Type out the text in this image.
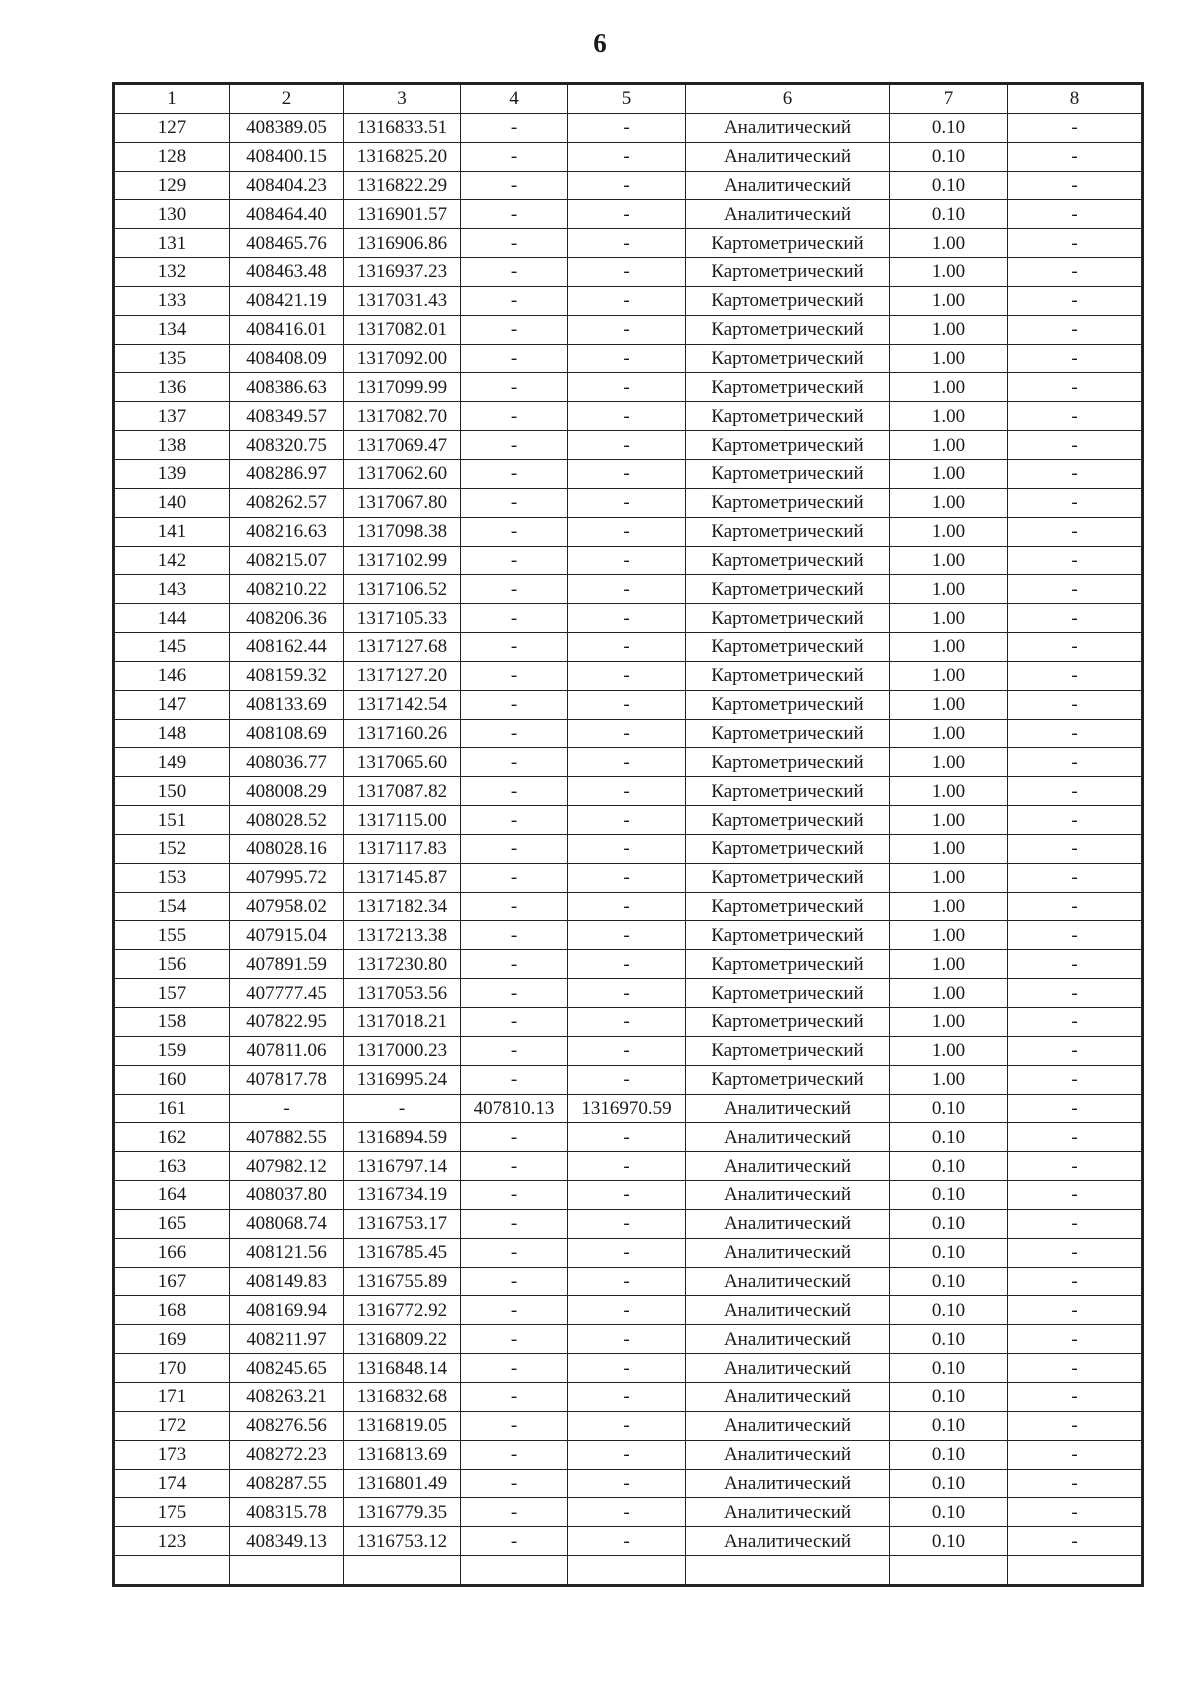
6
1	2	3	4	5	6	7	8
127	408389.05	1316833.51	-	-	Аналитический	0.10	-
128	408400.15	1316825.20	-	-	Аналитический	0.10	-
129	408404.23	1316822.29	-	-	Аналитический	0.10	-
130	408464.40	1316901.57	-	-	Аналитический	0.10	-
131	408465.76	1316906.86	-	-	Картометрический	1.00	-
132	408463.48	1316937.23	-	-	Картометрический	1.00	-
133	408421.19	1317031.43	-	-	Картометрический	1.00	-
134	408416.01	1317082.01	-	-	Картометрический	1.00	-
135	408408.09	1317092.00	-	-	Картометрический	1.00	-
136	408386.63	1317099.99	-	-	Картометрический	1.00	-
137	408349.57	1317082.70	-	-	Картометрический	1.00	-
138	408320.75	1317069.47	-	-	Картометрический	1.00	-
139	408286.97	1317062.60	-	-	Картометрический	1.00	-
140	408262.57	1317067.80	-	-	Картометрический	1.00	-
141	408216.63	1317098.38	-	-	Картометрический	1.00	-
142	408215.07	1317102.99	-	-	Картометрический	1.00	-
143	408210.22	1317106.52	-	-	Картометрический	1.00	-
144	408206.36	1317105.33	-	-	Картометрический	1.00	-
145	408162.44	1317127.68	-	-	Картометрический	1.00	-
146	408159.32	1317127.20	-	-	Картометрический	1.00	-
147	408133.69	1317142.54	-	-	Картометрический	1.00	-
148	408108.69	1317160.26	-	-	Картометрический	1.00	-
149	408036.77	1317065.60	-	-	Картометрический	1.00	-
150	408008.29	1317087.82	-	-	Картометрический	1.00	-
151	408028.52	1317115.00	-	-	Картометрический	1.00	-
152	408028.16	1317117.83	-	-	Картометрический	1.00	-
153	407995.72	1317145.87	-	-	Картометрический	1.00	-
154	407958.02	1317182.34	-	-	Картометрический	1.00	-
155	407915.04	1317213.38	-	-	Картометрический	1.00	-
156	407891.59	1317230.80	-	-	Картометрический	1.00	-
157	407777.45	1317053.56	-	-	Картометрический	1.00	-
158	407822.95	1317018.21	-	-	Картометрический	1.00	-
159	407811.06	1317000.23	-	-	Картометрический	1.00	-
160	407817.78	1316995.24	-	-	Картометрический	1.00	-
161	-	-	407810.13	1316970.59	Аналитический	0.10	-
162	407882.55	1316894.59	-	-	Аналитический	0.10	-
163	407982.12	1316797.14	-	-	Аналитический	0.10	-
164	408037.80	1316734.19	-	-	Аналитический	0.10	-
165	408068.74	1316753.17	-	-	Аналитический	0.10	-
166	408121.56	1316785.45	-	-	Аналитический	0.10	-
167	408149.83	1316755.89	-	-	Аналитический	0.10	-
168	408169.94	1316772.92	-	-	Аналитический	0.10	-
169	408211.97	1316809.22	-	-	Аналитический	0.10	-
170	408245.65	1316848.14	-	-	Аналитический	0.10	-
171	408263.21	1316832.68	-	-	Аналитический	0.10	-
172	408276.56	1316819.05	-	-	Аналитический	0.10	-
173	408272.23	1316813.69	-	-	Аналитический	0.10	-
174	408287.55	1316801.49	-	-	Аналитический	0.10	-
175	408315.78	1316779.35	-	-	Аналитический	0.10	-
123	408349.13	1316753.12	-	-	Аналитический	0.10	-
